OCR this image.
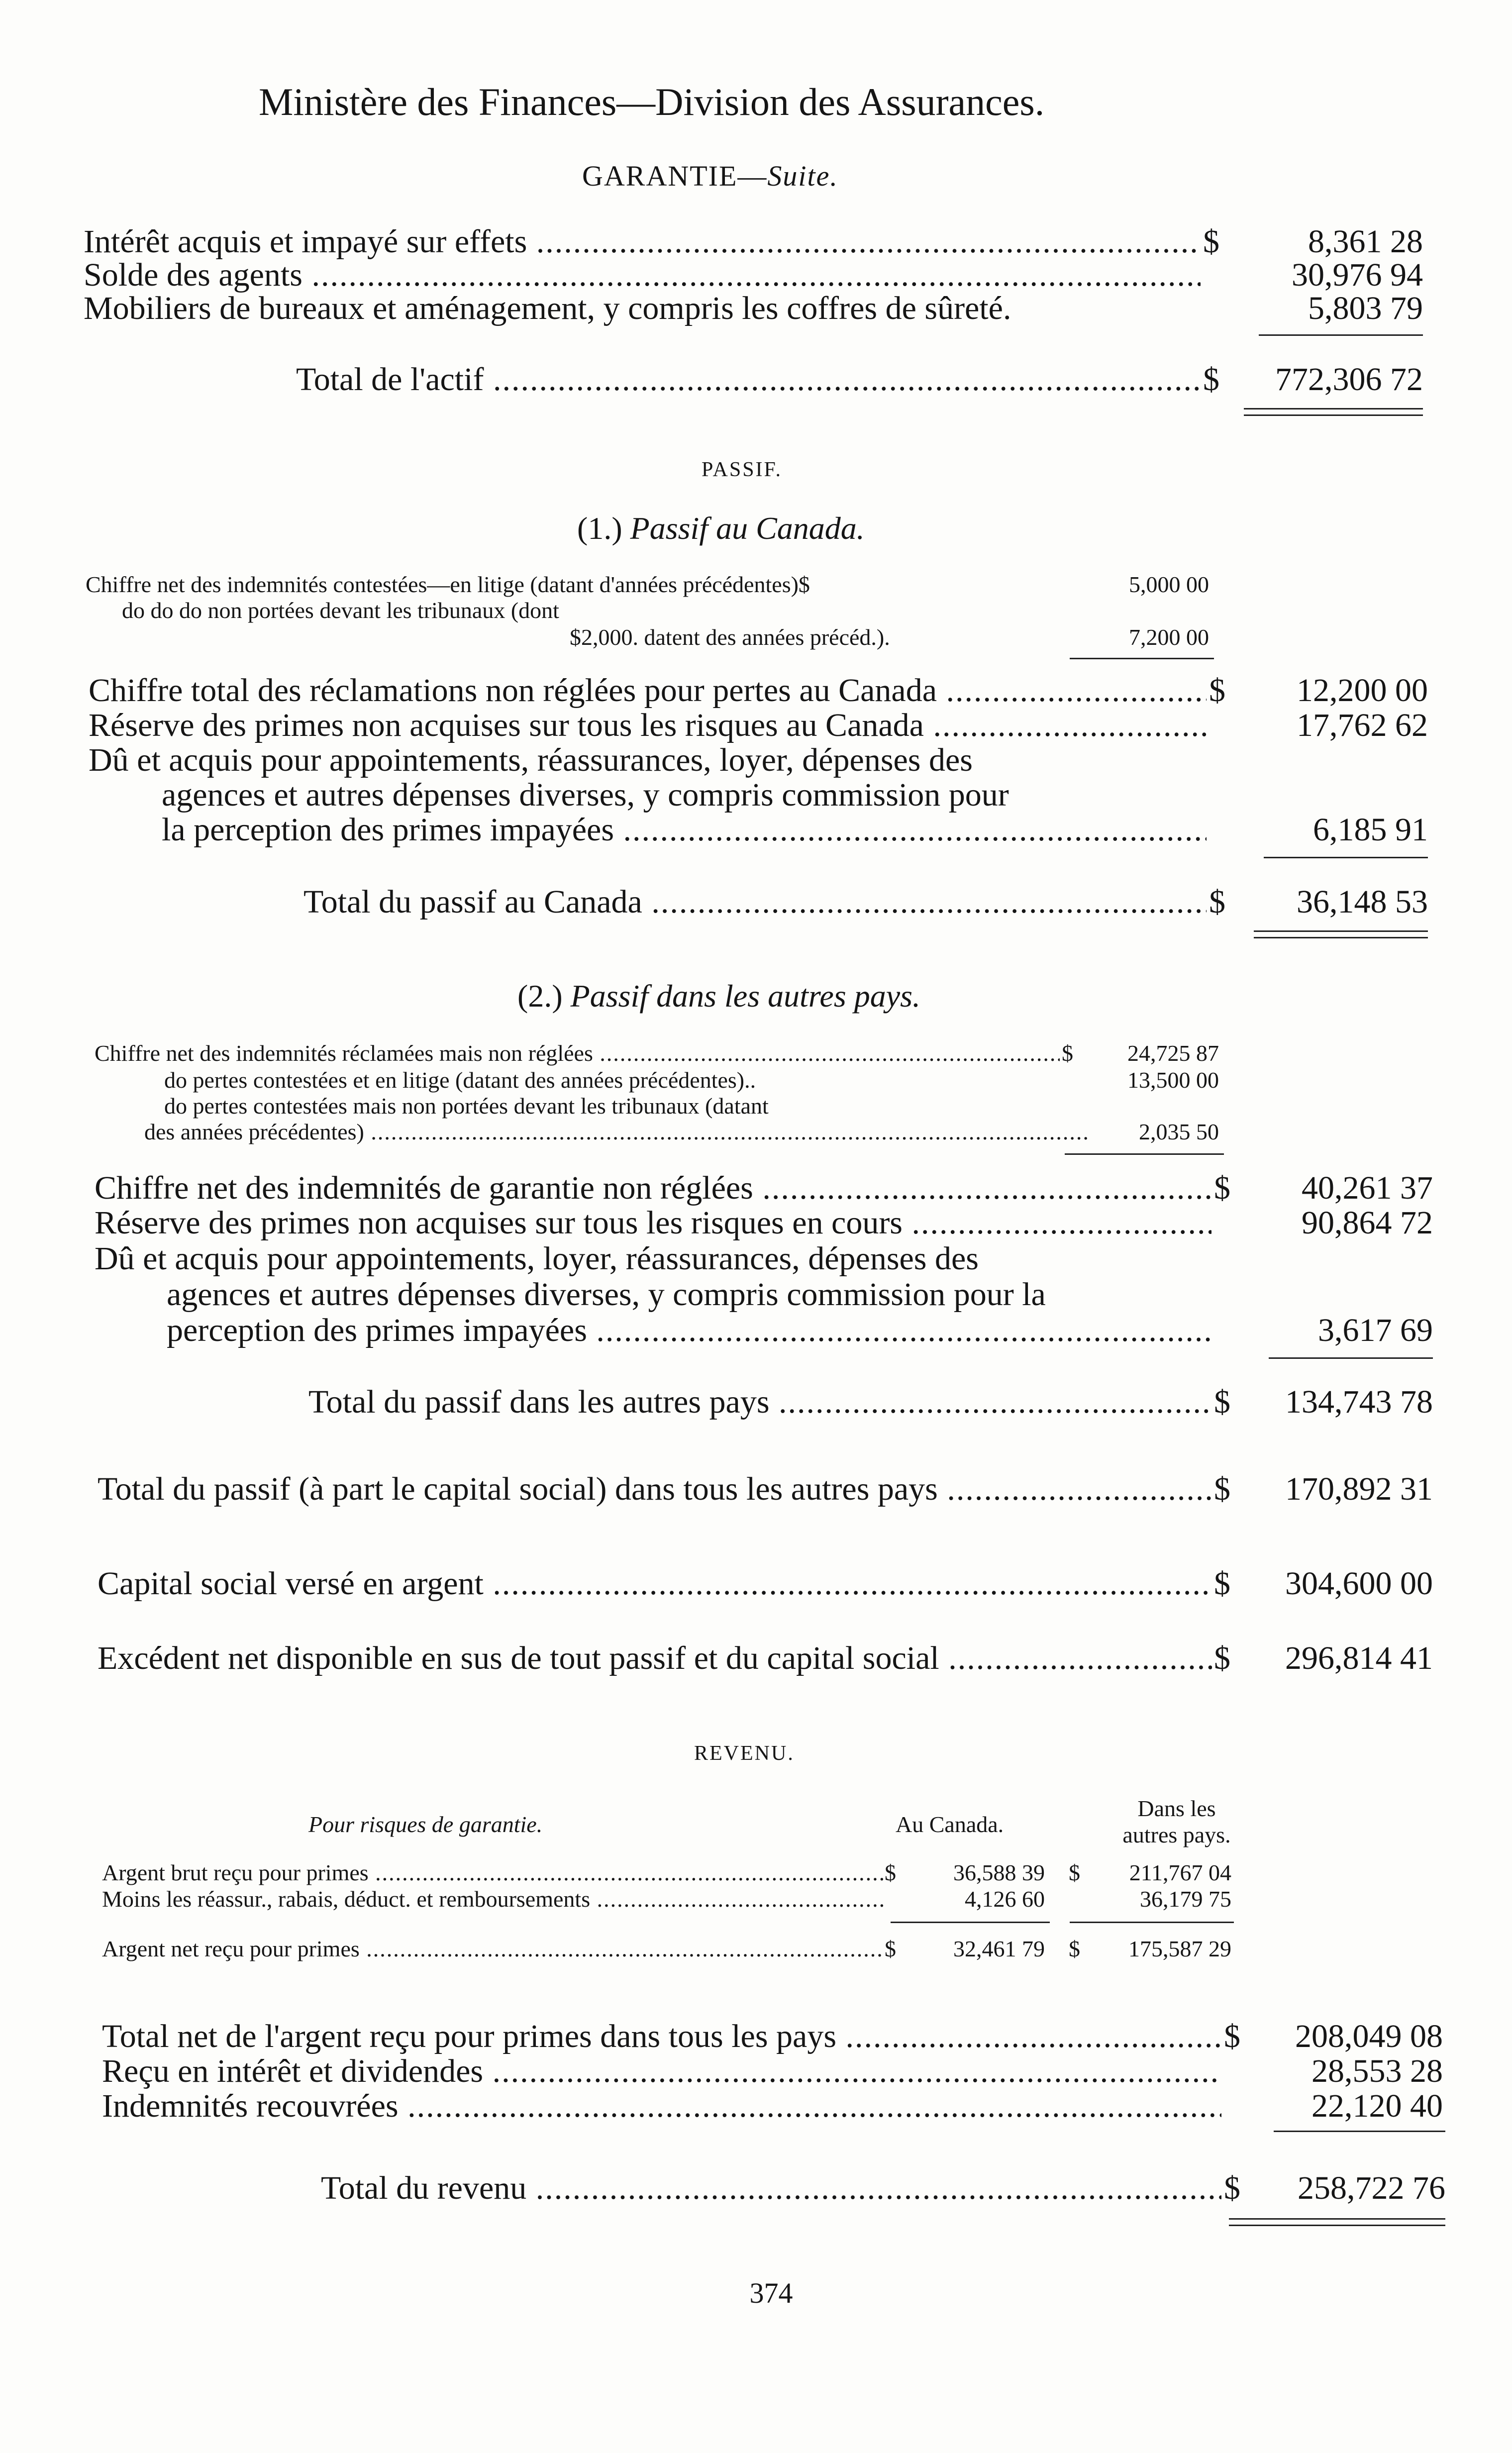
Ministère des Finances—Division des Assurances.
GARANTIE—Suite.
Intérêt acquis et impayé sur effets .....	$	8,361 28
Solde des agents .....	30,976 94
Mobiliers de bureaux et aménagement, y compris les coffres de sûreté.	5,803 79
Total de l'actif .....	$	772,306 72
PASSIF.
(1.) Passif au Canada.
Chiffre net des indemnités contestées—en litige (datant d'années précédentes)$	5,000 00
do do do non portées devant les tribunaux (dont
$2,000. datent des années précéd.).	7,200 00
Chiffre total des réclamations non réglées pour pertes au Canada .....	$	12,200 00
Réserve des primes non acquises sur tous les risques au Canada .....	17,762 62
Dû et acquis pour appointements, réassurances, loyer, dépenses des
agences et autres dépenses diverses, y compris commission pour
la perception des primes impayées .....	6,185 91
Total du passif au Canada .....	$	36,148 53
(2.) Passif dans les autres pays.
Chiffre net des indemnités réclamées mais non réglées .....	$	24,725 87
do pertes contestées et en litige (datant des années précédentes)..	13,500 00
do pertes contestées mais non portées devant les tribunaux (datant
des années précédentes) .....	2,035 50
Chiffre net des indemnités de garantie non réglées .....	$	40,261 37
Réserve des primes non acquises sur tous les risques en cours .....	90,864 72
Dû et acquis pour appointements, loyer, réassurances, dépenses des
agences et autres dépenses diverses, y compris commission pour la
perception des primes impayées .....	3,617 69
Total du passif dans les autres pays .....	$	134,743 78
Total du passif (à part le capital social) dans tous les autres pays .....	$	170,892 31
Capital social versé en argent .....	$	304,600 00
Excédent net disponible en sus de tout passif et du capital social .....	$	296,814 41
REVENU.
Pour risques de garantie.	Au Canada.
Dans les
autres pays.
Argent brut reçu pour primes .....	$	36,588 39 $	211,767 04
Moins les réassur., rabais, déduct. et remboursements .....	4,126 60	36,179 75
Argent net reçu pour primes .....	$	32,461 79 $	175,587 29
Total net de l'argent reçu pour primes dans tous les pays .....	$	208,049 08
Reçu en intérêt et dividendes .....	28,553 28
Indemnités recouvrées .....	22,120 40
Total du revenu .....	$	258,722 76
374
